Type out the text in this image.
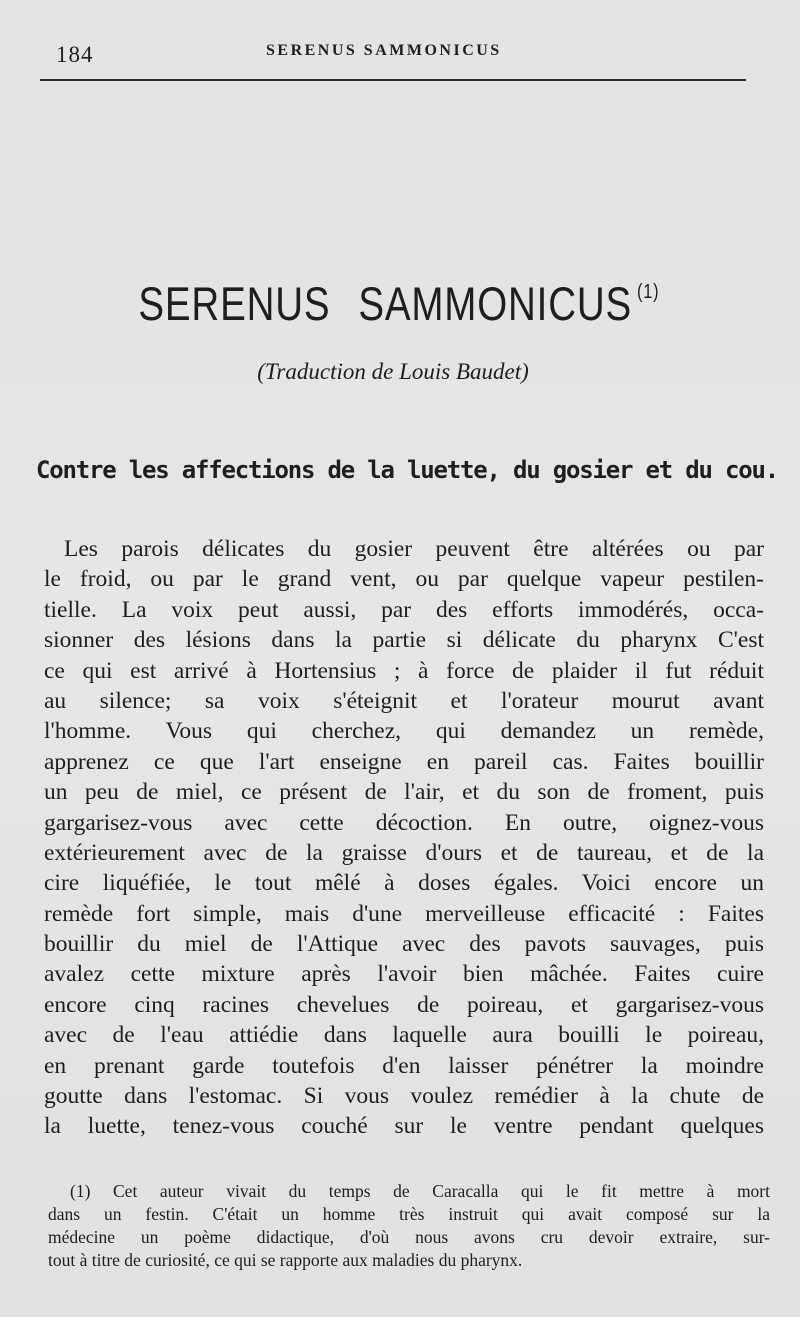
184	SERENUS SAMMONICUS
SERENUS SAMMONICUS $^{(1)}$
(Traduction de Louis Baudet)
Contre les affections de la luette, du gosier et du cou.
Les parois délicates du gosier peuvent être altérées ou par
le froid, ou par le grand vent, ou par quelque vapeur pestilen-
tielle. La voix peut aussi, par des efforts immodérés, occa-
sionner des lésions dans la partie si délicate du pharynx C'est
ce qui est arrivé à Hortensius ; à force de plaider il fut réduit
au silence; sa voix s'éteignit et l'orateur mourut avant
l'homme. Vous qui cherchez, qui demandez un remède,
apprenez ce que l'art enseigne en pareil cas. Faites bouillir
un peu de miel, ce présent de l'air, et du son de froment, puis
gargarisez-vous avec cette décoction. En outre, oignez-vous
extérieurement avec de la graisse d'ours et de taureau, et de la
cire liquéfiée, le tout mêlé à doses égales. Voici encore un
remède fort simple, mais d'une merveilleuse efficacité : Faites
bouillir du miel de l'Attique avec des pavots sauvages, puis
avalez cette mixture après l'avoir bien mâchée. Faites cuire
encore cinq racines chevelues de poireau, et gargarisez-vous
avec de l'eau attiédie dans laquelle aura bouilli le poireau,
en prenant garde toutefois d'en laisser pénétrer la moindre
goutte dans l'estomac. Si vous voulez remédier à la chute de
la luette, tenez-vous couché sur le ventre pendant quelques
(1) Cet auteur vivait du temps de Caracalla qui le fit mettre à mort
dans un festin. C'était un homme très instruit qui avait composé sur la
médecine un poème didactique, d'où nous avons cru devoir extraire, sur-
tout à titre de curiosité, ce qui se rapporte aux maladies du pharynx.
